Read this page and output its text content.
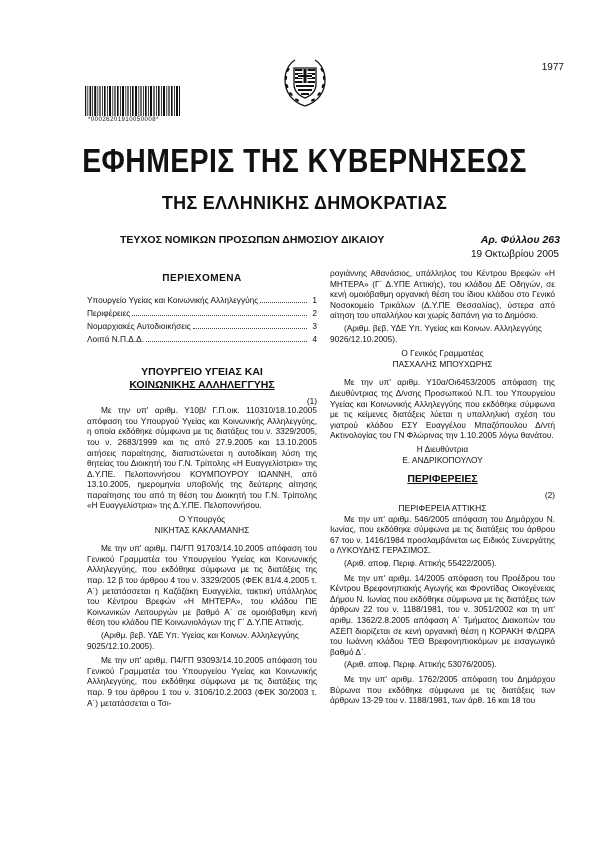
1977
*00026201910050008*
ΕΦΗΜΕΡΙΣ ΤΗΣ ΚΥΒΕΡΝΗΣΕΩΣ
ΤΗΣ ΕΛΛΗΝΙΚΗΣ ΔΗΜΟΚΡΑΤΙΑΣ
ΤΕΥΧΟΣ ΝΟΜΙΚΩΝ ΠΡΟΣΩΠΩΝ ΔΗΜΟΣΙΟΥ ΔΙΚΑΙΟΥ	Αρ. Φύλλου 263
19 Οκτωβρίου 2005
ΠΕΡΙΕΧΟΜΕΝΑ
Υπουργείο Υγείας και Κοινωνικής Αλληλεγγύης	1
Περιφέρειες	2
Νομαρχιακές Αυτοδιοικήσεις	3
Λοιπά Ν.Π.Δ.Δ.	4
ΥΠΟΥΡΓΕΙΟ ΥΓΕΙΑΣ ΚΑΙ
ΚΟΙΝΩΝΙΚΗΣ ΑΛΛΗΛΕΓΓΥΗΣ
(1)

Με την υπ' αριθμ. Υ10β/ Γ.Π.οικ. 110310/18.10.2005 απόφαση του Υπουργού Υγείας και Κοινωνικής Αλληλεγγύης, η οποία εκδόθηκε σύμφωνα με τις διατάξεις του ν. 3329/2005, του ν. 2683/1999 και τις από 27.9.2005 και 13.10.2005 αιτήσεις παραίτησης, διαπιστώνεται η αυτοδίκαιη λύση της θητείας του Διοικητή του Γ.Ν. Τρίπολης «Η Ευαγγελίστρια» της Δ.Υ.ΠΕ. Πελοποννήσου ΚΟΥΜΠΟΥΡΟΥ ΙΩΑΝΝΗ, από 13.10.2005, ημερομηνία υποβολής της δεύτερης αίτησης παραίτησης του από τη θέση του Διοικητή του Γ.Ν. Τρίπολης «Η Ευαγγελίστρια» της Δ.Υ.ΠΕ. Πελοποννήσου.

Ο Υπουργός
ΝΙΚΗΤΑΣ ΚΑΚΛΑΜΑΝΗΣ

Με την υπ' αριθμ. Π4/ΓΠ 91703/14.10.2005 απόφαση του Γενικού Γραμματέα του Υπουργείου Υγείας και Κοινωνικής Αλληλεγγύης, που εκδόθηκε σύμφωνα με τις διατάξεις της παρ. 12 β του άρθρου 4 του ν. 3329/2005 (ΦΕΚ 81/4.4.2005 τ. Α΄) μετατάσσεται η Καζάζάκη Ευαγγελία, τακτική υπάλληλος του Κέντρου Βρεφών «Η ΜΗΤΕΡΑ», του κλάδου ΠΕ Κοινωνικών Λειτουργών με βαθμό Α΄ σε ομοιόβαθμη κενή θέση του κλάδου ΠΕ Κοινωνιολόγων της Γ΄ Δ.Υ.ΠΕ Αττικής.

(Αριθμ. βεβ. ΥΔΕ Υπ. Υγείας και Κοινων. Αλληλεγγύης 9025/12.10.2005).

Με την υπ' αριθμ. Π4/ΓΠ 93093/14.10.2005 απόφαση του Γενικού Γραμματέα του Υπουργείου Υγείας και Κοινωνικής Αλληλεγγύης, που εκδόθηκε σύμφωνα με τις διατάξεις της παρ. 9 του άρθρου 1 του ν. 3106/10.2.2003 (ΦΕΚ 30/2003 τ. Α΄) μετατάσσεται ο Τσι-

ρογιάννης Αθανάσιος, υπάλληλος του Κέντρου Βρεφών «Η ΜΗΤΕΡΑ» (Γ΄ Δ.ΥΠΕ Αττικής), του κλάδου ΔΕ Οδηγών, σε κενή ομοιόβαθμη οργανική θέση του ίδιου κλάδου στο Γενικό Νοσοκομείο Τρικάλων (Δ.Υ.ΠΕ Θεσσαλίας), ύστερα από αίτηση του υπαλλήλου και χωρίς δαπάνη για το Δημόσιο.

(Αριθμ. βεβ. ΥΔΕ Υπ. Υγείας και Κοινων. Αλληλεγγύης 9026/12.10.2005).

Ο Γενικός Γραμματέας
ΠΑΣΧΑΛΗΣ ΜΠΟΥΧΩΡΗΣ

Με την υπ' αριθμ. Υ10α/Οι6453/2005 απόφαση της Διευθύντριας της Δ/νσης Προσωπικού Ν.Π. του Υπουργείου Υγείας και Κοινωνικής Αλληλεγγύης που εκδόθηκε σύμφωνα με τις κείμενες διατάξεις λύεται η υπαλληλική σχέση του γιατρού κλάδου ΕΣΥ Ευαγγέλου Μπαζόπουλου Δ/ντή Ακτινολογίας του ΓΝ Φλώρινας την 1.10.2005 λόγω θανάτου.

Η Διευθύντρια
Ε. ΑΝΔΡΙΚΟΠΟΥΛΟΥ
ΠΕΡΙΦΕΡΕΙΕΣ
(2)
ΠΕΡΙΦΕΡΕΙΑ ΑΤΤΙΚΗΣ

Με την υπ' αριθμ. 546/2005 απόφαση του Δημάρχου Ν. Ιωνίας, που εκδόθηκε σύμφωνα με τις διατάξεις του άρθρου 67 του ν. 1416/1984 προσλαμβάνεται ως Ειδικός Συνεργάτης ο ΛΥΚΟΥΔΗΣ ΓΕΡΑΣΙΜΟΣ.

(Αριθ. αποφ. Περιφ. Αττικής 55422/2005).

Με την υπ' αριθμ. 14/2005 απόφαση του Προέδρου του Κέντρου Βρεφονηπιακής Αγωγής και Φροντίδας Οικογένειας Δήμου Ν. Ιωνίας που εκδόθηκε σύμφωνα με τις διατάξεις των άρθρων 22 του ν. 1188/1981, του ν. 3051/2002 και τη υπ' αριθμ. 1362/2.8.2005 απόφαση Α΄ Τμήματος Διακοπών του ΑΣΕΠ διορίζεται σε κενή οργανική θέση η ΚΟΡΑΚΗ ΦΛΩΡΑ του Ιωάννη κλάδου ΤΕΘ Βρεφονηπιοκόμων με εισαγωγικό βαθμό Δ΄.

(Αριθ. αποφ. Περιφ. Αττικής 53076/2005).

Με την υπ' αριθμ. 1762/2005 απόφαση του Δημάρχου Βύρωνα που εκδόθηκε σύμφωνα με τις διατάξεις των άρθρων 13-29 του ν. 1188/1981, των άρθ. 16 και 18 του
